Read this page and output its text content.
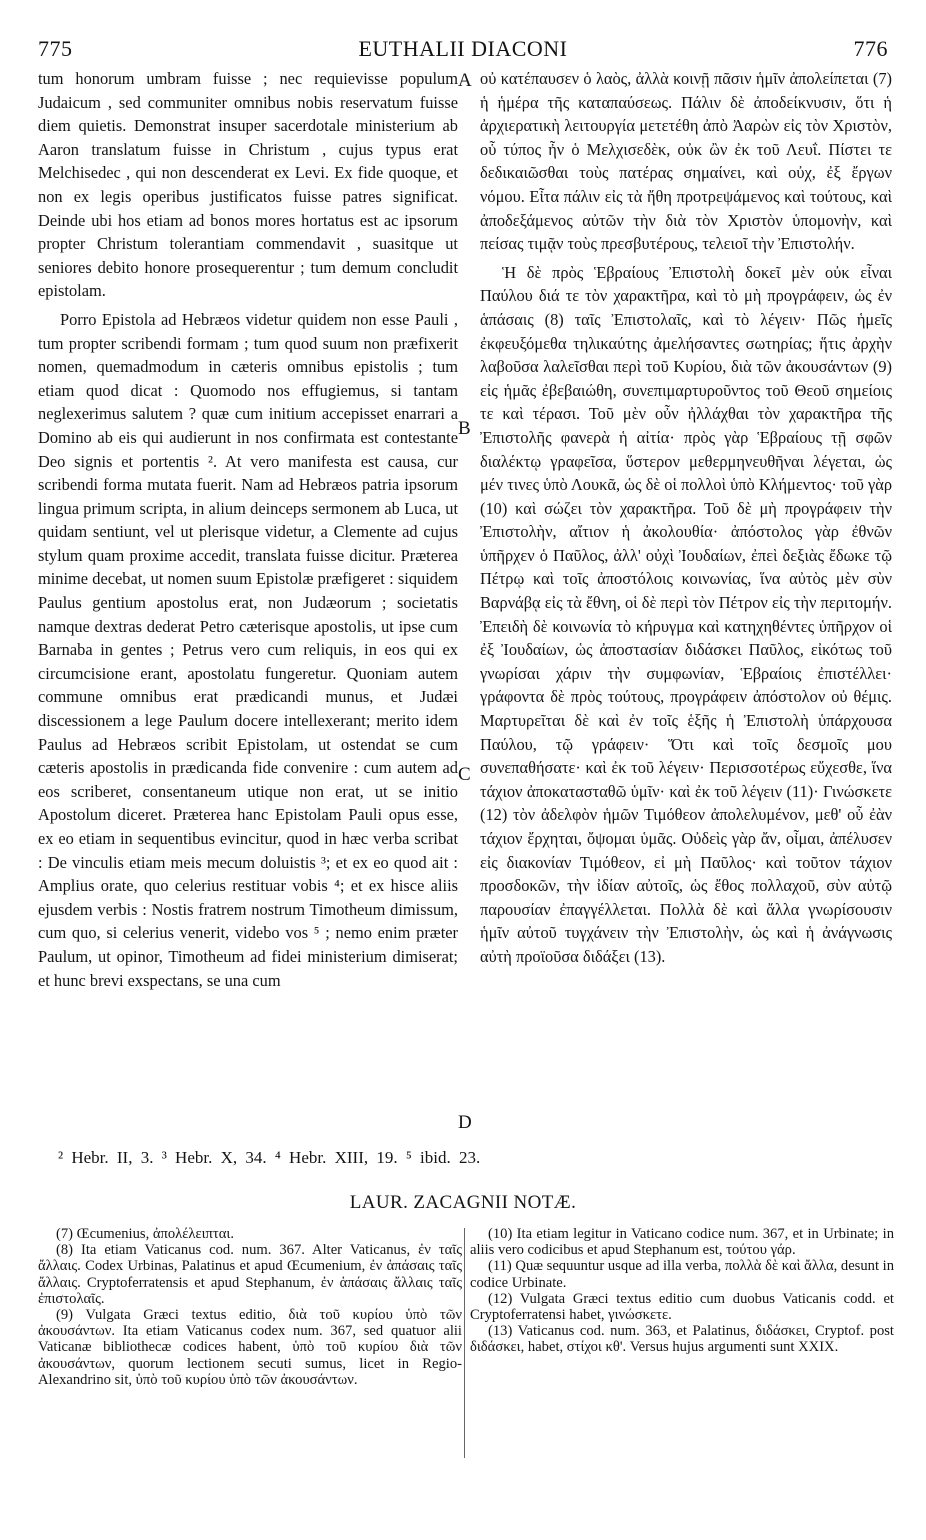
775	EUTHALII DIACONI	776

tum honorum umbram fuisse ; nec requievisse populum Judaicum , sed communiter omnibus nobis reservatum fuisse diem quietis. Demonstrat insuper sacerdotale ministerium ab Aaron translatum fuisse in Christum , cujus typus erat Melchisedec , qui non descenderat ex Levi. Ex fide quoque, et non ex legis operibus justificatos fuisse patres significat. Deinde ubi hos etiam ad bonos mores hortatus est ac ipsorum propter Christum tolerantiam commendavit , suasitque ut seniores debito honore prosequerentur ; tum demum concludit epistolam.

Porro Epistola ad Hebræos videtur quidem non esse Pauli , tum propter scribendi formam ; tum quod suum non præfixerit nomen, quemadmodum in cæteris omnibus epistolis ; tum etiam quod dicat : Quomodo nos effugiemus, si tantam neglexerimus salutem ? quæ cum initium accepisset enarrari a Domino ab eis qui audierunt in nos confirmata est contestante Deo signis et portentis ². At vero manifesta est causa, cur scribendi forma mutata fuerit. Nam ad Hebræos patria ipsorum lingua primum scripta, in alium deinceps sermonem ab Luca, ut quidam sentiunt, vel ut plerisque videtur, a Clemente ad cujus stylum quam proxime accedit, translata fuisse dicitur. Præterea minime decebat, ut nomen suum Epistolæ præfigeret : siquidem Paulus gentium apostolus erat, non Judæorum ; societatis namque dextras dederat Petro cæterisque apostolis, ut ipse cum Barnaba in gentes ; Petrus vero cum reliquis, in eos qui ex circumcisione erant, apostolatu fungeretur. Quoniam autem commune omnibus erat prædicandi munus, et Judæi discessionem a lege Paulum docere intellexerant; merito idem Paulus ad Hebræos scribit Epistolam, ut ostendat se cum cæteris apostolis in prædicanda fide convenire : cum autem ad eos scriberet, consentaneum utique non erat, ut se initio Apostolum diceret. Præterea hanc Epistolam Pauli opus esse, ex eo etiam in sequentibus evincitur, quod in hæc verba scribat : De vinculis etiam meis mecum doluistis ³; et ex eo quod ait : Amplius orate, quo celerius restituar vobis ⁴; et ex hisce aliis ejusdem verbis : Nostis fratrem nostrum Timotheum dimissum, cum quo, si celerius venerit, videbo vos ⁵ ; nemo enim præter Paulum, ut opinor, Timotheum ad fidei ministerium dimiserat; et hunc brevi exspectans, se una cum

A
B
C
D

οὐ κατέπαυσεν ὁ λαὸς, ἀλλὰ κοινῇ πᾶσιν ἡμῖν ἀπολείπεται (7) ἡ ἡμέρα τῆς καταπαύσεως. Πάλιν δὲ ἀποδείκνυσιν, ὅτι ἡ ἀρχιερατικὴ λειτουργία μετετέθη ἀπὸ Ἀαρὼν εἰς τὸν Χριστὸν, οὗ τύπος ἦν ὁ Μελχισεδὲκ, οὐκ ὢν ἐκ τοῦ Λευΐ. Πίστει τε δεδικαιῶσθαι τοὺς πατέρας σημαίνει, καὶ οὐχ, ἐξ ἔργων νόμου. Εἶτα πάλιν εἰς τὰ ἤθη προτρεψάμενος καὶ τούτους, καὶ ἀποδεξάμενος αὐτῶν τὴν διὰ τὸν Χριστὸν ὑπομονὴν, καὶ πείσας τιμᾷν τοὺς πρεσβυτέρους, τελειοῖ τὴν Ἐπιστολήν.

Ἡ δὲ πρὸς Ἑβραίους Ἐπιστολὴ δοκεῖ μὲν οὐκ εἶναι Παύλου διά τε τὸν χαρακτῆρα, καὶ τὸ μὴ προγράφειν, ὡς ἐν ἁπάσαις (8) ταῖς Ἐπιστολαῖς, καὶ τὸ λέγειν· Πῶς ἡμεῖς ἐκφευξόμεθα τηλικαύτης ἀμελήσαντες σωτηρίας; ἥτις ἀρχὴν λαβοῦσα λαλεῖσθαι περὶ τοῦ Κυρίου, διὰ τῶν ἀκουσάντων (9) εἰς ἡμᾶς ἐβεβαιώθη, συνεπιμαρτυροῦντος τοῦ Θεοῦ σημείοις τε καὶ τέρασι. Τοῦ μὲν οὖν ἠλλάχθαι τὸν χαρακτῆρα τῆς Ἐπιστολῆς φανερὰ ἡ αἰτία· πρὸς γὰρ Ἑβραίους τῇ σφῶν διαλέκτῳ γραφεῖσα, ὕστερον μεθερμηνευθῆναι λέγεται, ὡς μέν τινες ὑπὸ Λουκᾶ, ὡς δὲ οἱ πολλοὶ ὑπὸ Κλήμεντος· τοῦ γὰρ (10) καὶ σώζει τὸν χαρακτῆρα. Τοῦ δὲ μὴ προγράφειν τὴν Ἐπιστολὴν, αἴτιον ἡ ἀκολουθία· ἀπόστολος γὰρ ἐθνῶν ὑπῆρχεν ὁ Παῦλος, ἀλλ' οὐχὶ Ἰουδαίων, ἐπεὶ δεξιὰς ἔδωκε τῷ Πέτρῳ καὶ τοῖς ἀποστόλοις κοινωνίας, ἵνα αὐτὸς μὲν σὺν Βαρνάβᾳ εἰς τὰ ἔθνη, οἱ δὲ περὶ τὸν Πέτρον εἰς τὴν περιτομήν. Ἐπειδὴ δὲ κοινωνία τὸ κήρυγμα καὶ κατηχηθέντες ὑπῆρχον οἱ ἐξ Ἰουδαίων, ὡς ἀποστασίαν διδάσκει Παῦλος, εἰκότως τοῦ γνωρίσαι χάριν τὴν συμφωνίαν, Ἑβραίοις ἐπιστέλλει· γράφοντα δὲ πρὸς τούτους, προγράφειν ἀπόστολον οὐ θέμις. Μαρτυρεῖται δὲ καὶ ἐν τοῖς ἑξῆς ἡ Ἐπιστολὴ ὑπάρχουσα Παύλου, τῷ γράφειν· Ὅτι καὶ τοῖς δεσμοῖς μου συνεπαθήσατε· καὶ ἐκ τοῦ λέγειν· Περισσοτέρως εὔχεσθε, ἵνα τάχιον ἀποκατασταθῶ ὑμῖν· καὶ ἐκ τοῦ λέγειν (11)· Γινώσκετε (12) τὸν ἀδελφὸν ἡμῶν Τιμόθεον ἀπολελυμένον, μεθ' οὗ ἐὰν τάχιον ἔρχηται, ὄψομαι ὑμᾶς. Οὐδεὶς γὰρ ἄν, οἶμαι, ἀπέλυσεν εἰς διακονίαν Τιμόθεον, εἰ μὴ Παῦλος· καὶ τοῦτον τάχιον προσδοκῶν, τὴν ἰδίαν αὐτοῖς, ὡς ἔθος πολλαχοῦ, σὺν αὐτῷ παρουσίαν ἐπαγγέλλεται. Πολλὰ δὲ καὶ ἄλλα γνωρίσουσιν ἡμῖν αὐτοῦ τυγχάνειν τὴν Ἐπιστολὴν, ὡς καὶ ἡ ἀνάγνωσις αὐτὴ προϊοῦσα διδάξει (13).

² Hebr. II, 3. ³ Hebr. X, 34. ⁴ Hebr. XIII, 19. ⁵ ibid. 23.
LAUR. ZACAGNII NOTÆ.

(7) Œcumenius, ἀπολέλειπται.

(8) Ita etiam Vaticanus cod. num. 367. Alter Vaticanus, ἐν ταῖς ἄλλαις. Codex Urbinas, Palatinus et apud Œcumenium, ἐν ἁπάσαις ταῖς ἄλλαις. Cryptoferratensis et apud Stephanum, ἐν ἁπάσαις ἄλλαις ταῖς ἐπιστολαῖς.

(9) Vulgata Græci textus editio, διὰ τοῦ κυρίου ὑπὸ τῶν ἀκουσάντων. Ita etiam Vaticanus codex num. 367, sed quatuor alii Vaticanæ bibliothecæ codices habent, ὑπὸ τοῦ κυρίου διὰ τῶν ἀκουσάντων, quorum lectionem secuti sumus, licet in Regio-Alexandrino sit, ὑπὸ τοῦ κυρίου ὑπὸ τῶν ἀκουσάντων.

(10) Ita etiam legitur in Vaticano codice num. 367, et in Urbinate; in aliis vero codicibus et apud Stephanum est, τούτου γάρ.

(11) Quæ sequuntur usque ad illa verba, πολλὰ δὲ καὶ ἄλλα, desunt in codice Urbinate.

(12) Vulgata Græci textus editio cum duobus Vaticanis codd. et Cryptoferratensi habet, γινώσκετε.

(13) Vaticanus cod. num. 363, et Palatinus, διδάσκει, Cryptof. post διδάσκει, habet, στίχοι κθ'. Versus hujus argumenti sunt XXIX.
